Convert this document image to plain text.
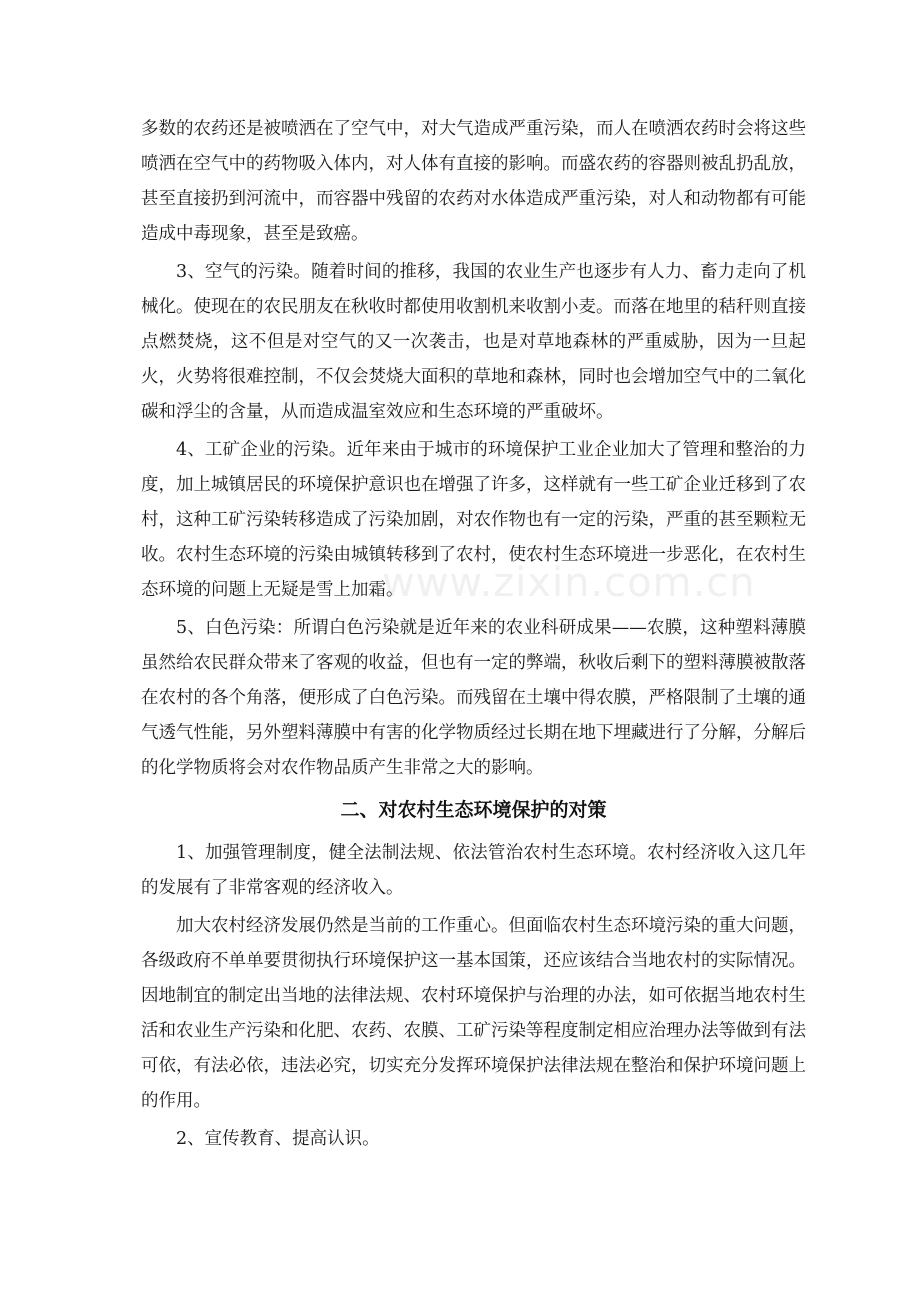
www.zixin.com.cn

多数的农药还是被喷洒在了空气中，对大气造成严重污染，而人在喷洒农药时会将这些喷洒在空气中的药物吸入体内，对人体有直接的影响。而盛农药的容器则被乱扔乱放，甚至直接扔到河流中，而容器中残留的农药对水体造成严重污染，对人和动物都有可能造成中毒现象，甚至是致癌。

3、空气的污染。随着时间的推移，我国的农业生产也逐步有人力、畜力走向了机械化。使现在的农民朋友在秋收时都使用收割机来收割小麦。而落在地里的秸秆则直接点燃焚烧，这不但是对空气的又一次袭击，也是对草地森林的严重威胁，因为一旦起火，火势将很难控制，不仅会焚烧大面积的草地和森林，同时也会增加空气中的二氧化碳和浮尘的含量，从而造成温室效应和生态环境的严重破坏。

4、工矿企业的污染。近年来由于城市的环境保护工业企业加大了管理和整治的力度，加上城镇居民的环境保护意识也在增强了许多，这样就有一些工矿企业迁移到了农村，这种工矿污染转移造成了污染加剧，对农作物也有一定的污染，严重的甚至颗粒无收。农村生态环境的污染由城镇转移到了农村，使农村生态环境进一步恶化，在农村生态环境的问题上无疑是雪上加霜。

5、白色污染：所谓白色污染就是近年来的农业科研成果——农膜，这种塑料薄膜虽然给农民群众带来了客观的收益，但也有一定的弊端，秋收后剩下的塑料薄膜被散落在农村的各个角落，便形成了白色污染。而残留在土壤中得农膜，严格限制了土壤的通气透气性能，另外塑料薄膜中有害的化学物质经过长期在地下埋藏进行了分解，分解后的化学物质将会对农作物品质产生非常之大的影响。

二、对农村生态环境保护的对策

1、加强管理制度，健全法制法规、依法管治农村生态环境。农村经济收入这几年的发展有了非常客观的经济收入。

加大农村经济发展仍然是当前的工作重心。但面临农村生态环境污染的重大问题，各级政府不单单要贯彻执行环境保护这一基本国策，还应该结合当地农村的实际情况。因地制宜的制定出当地的法律法规、农村环境保护与治理的办法，如可依据当地农村生活和农业生产污染和化肥、农药、农膜、工矿污染等程度制定相应治理办法等做到有法可依，有法必依，违法必究，切实充分发挥环境保护法律法规在整治和保护环境问题上的作用。

2、宣传教育、提高认识。
